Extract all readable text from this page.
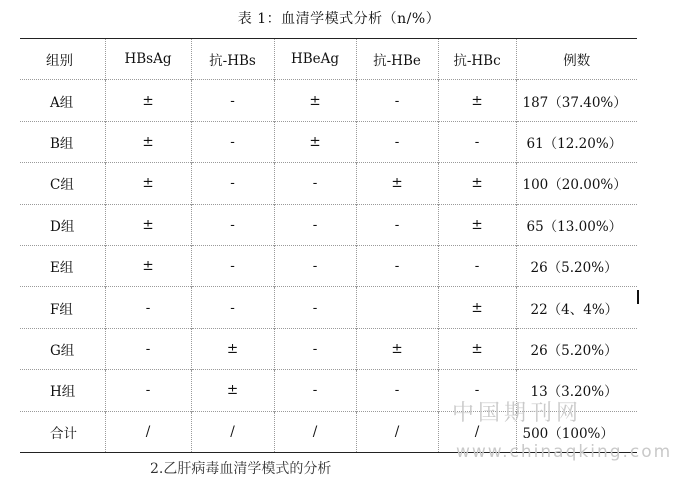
表 1：血清学模式分析（n/%）
组别	HBsAg	抗-HBs	HBeAg	抗-HBe	抗-HBc	例数
A组	±	-	±	-	±	187（37.40%）
B组	±	-	±	-	-	61（12.20%）
C组	±	-	-	±	±	100（20.00%）
D组	±	-	-	-	±	65（13.00%）
E组	±	-	-	-	-	26（5.20%）
F组	-	-	-		±	22（4、4%）
G组	-	±	-	±	±	26（5.20%）
H组	-	±	-	-	-	13（3.20%）
合计	/	/	/	/	/	500（100%）
中国期刊网
www.chinaqking.com
2.乙肝病毒血清学模式的分析
